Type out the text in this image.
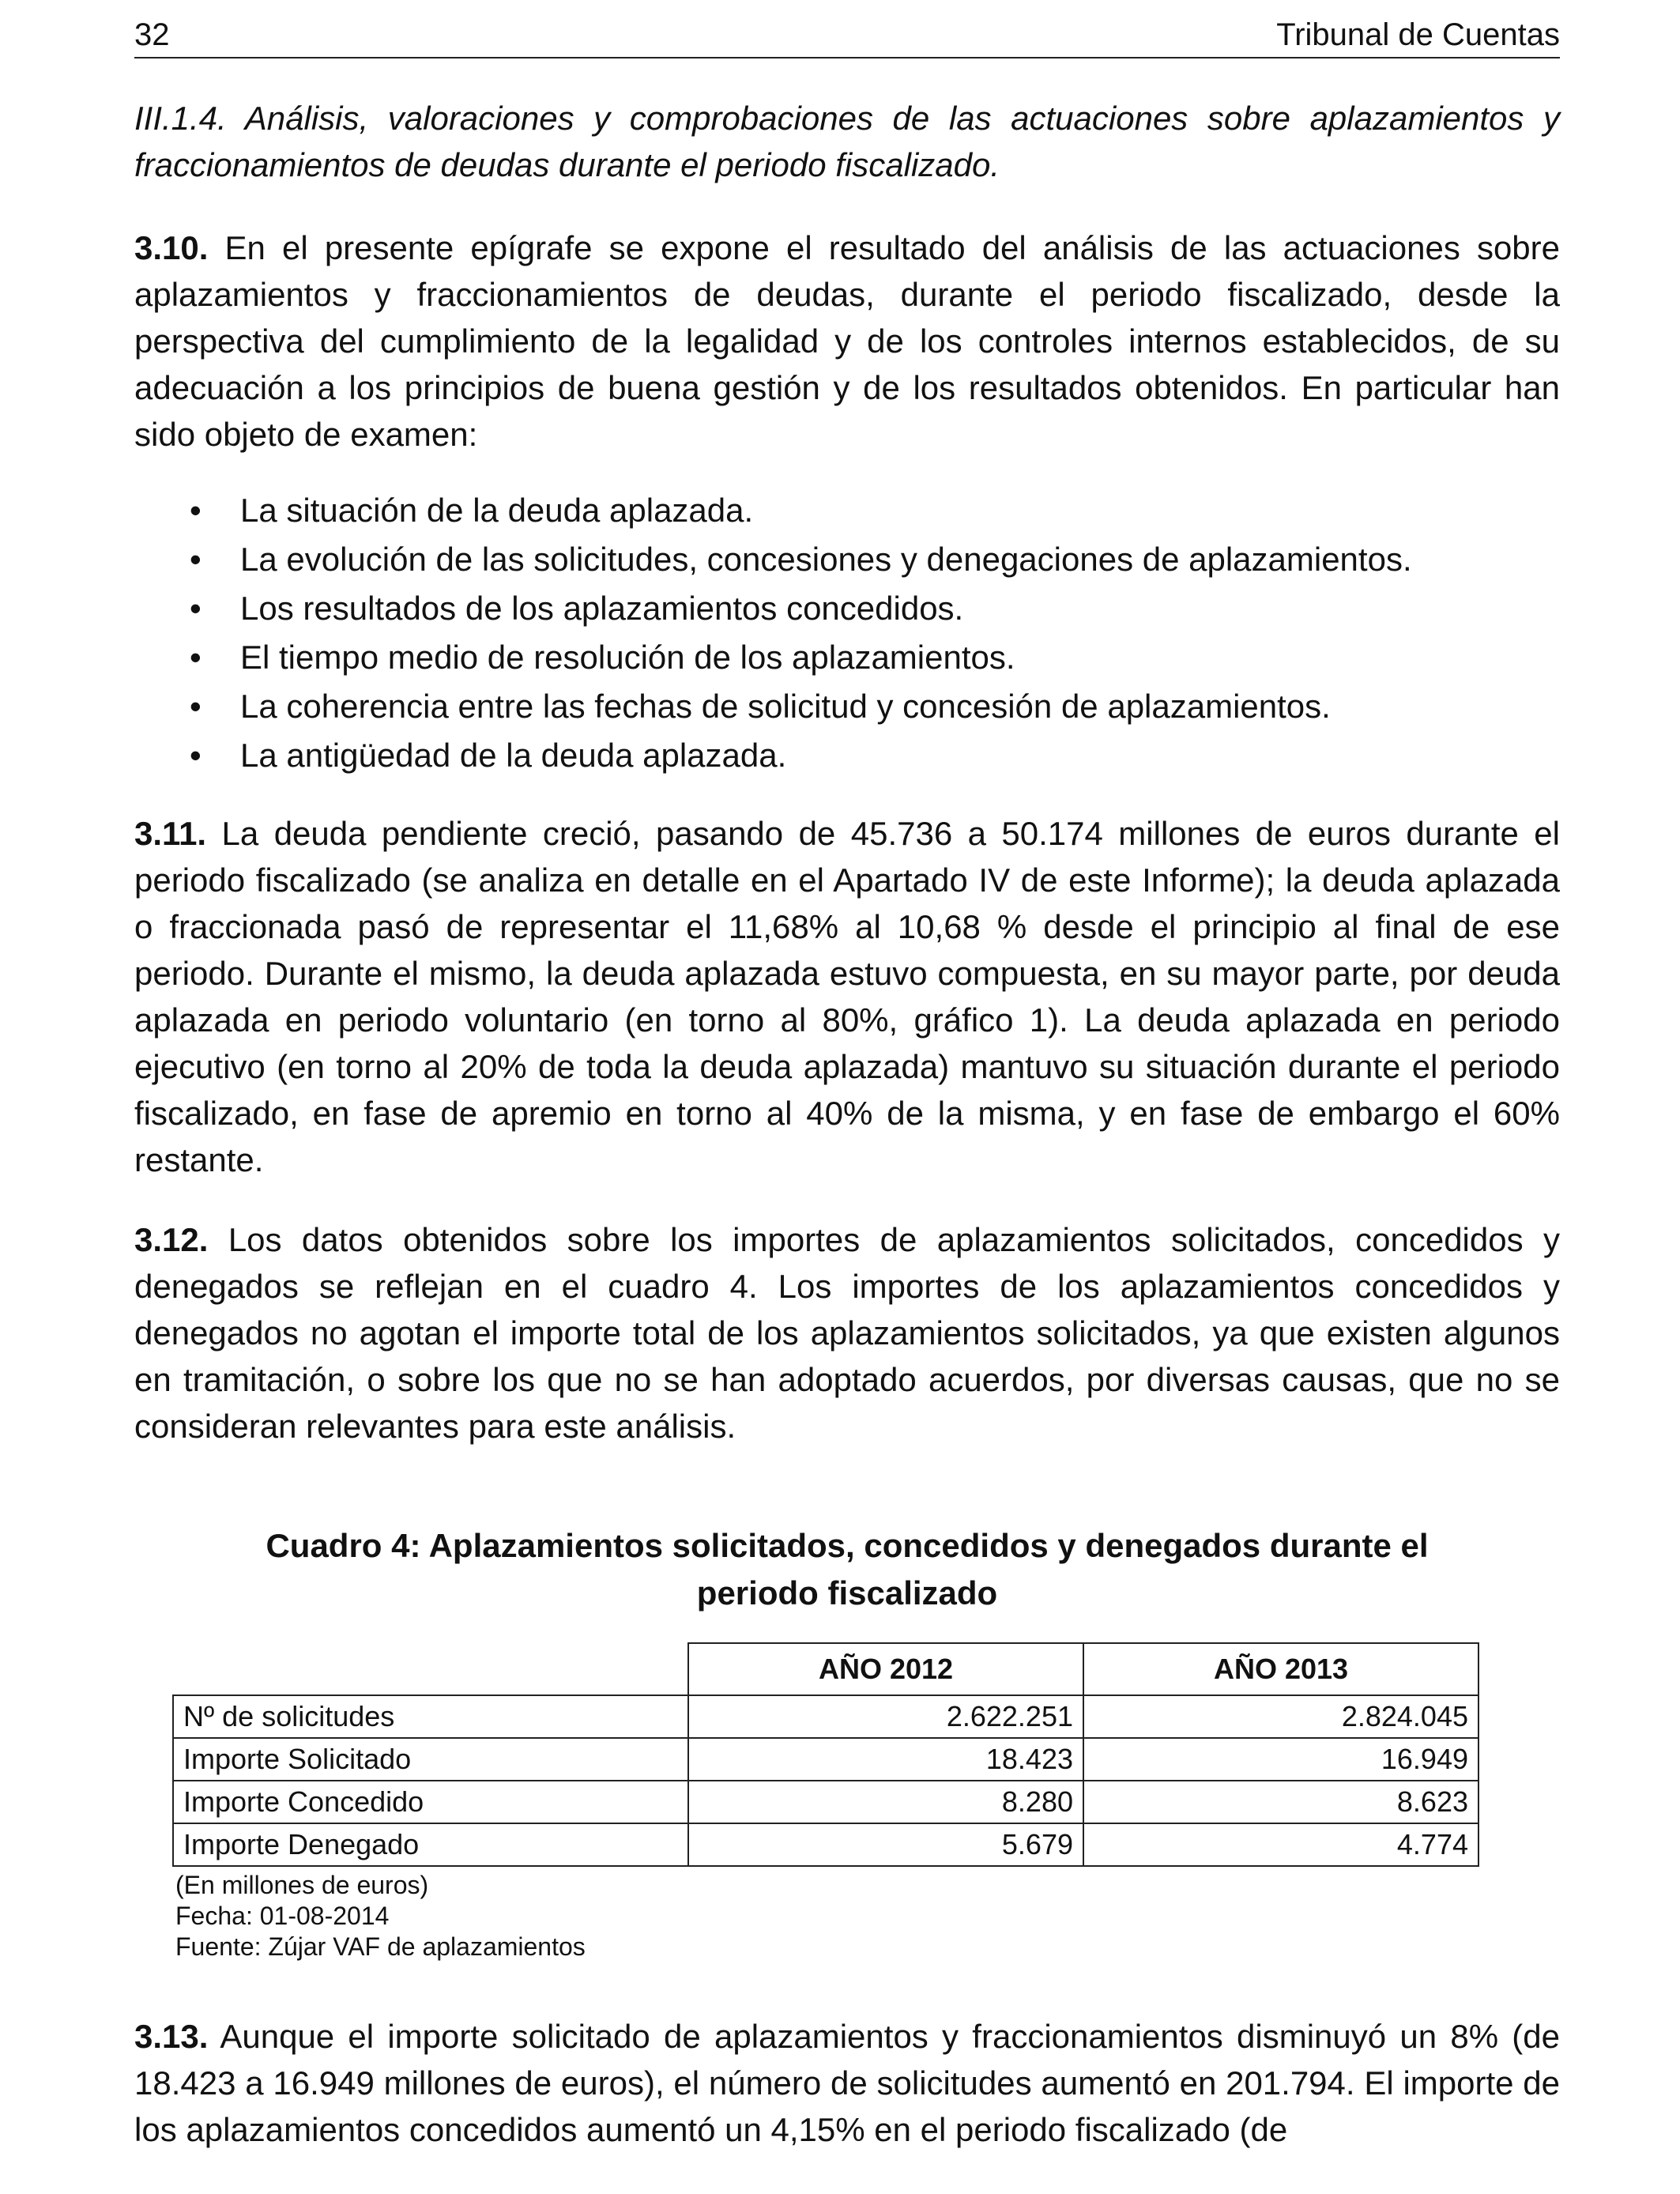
32	Tribunal de Cuentas

III.1.4. Análisis, valoraciones y comprobaciones de las actuaciones sobre aplazamientos y fraccionamientos de deudas durante el periodo fiscalizado.

3.10. En el presente epígrafe se expone el resultado del análisis de las actuaciones sobre aplazamientos y fraccionamientos de deudas, durante el periodo fiscalizado, desde la perspectiva del cumplimiento de la legalidad y de los controles internos establecidos, de su adecuación a los principios de buena gestión y de los resultados obtenidos. En particular han sido objeto de examen:

• La situación de la deuda aplazada.
• La evolución de las solicitudes, concesiones y denegaciones de aplazamientos.
• Los resultados de los aplazamientos concedidos.
• El tiempo medio de resolución de los aplazamientos.
• La coherencia entre las fechas de solicitud y concesión de aplazamientos.
• La antigüedad de la deuda aplazada.

3.11. La deuda pendiente creció, pasando de 45.736 a 50.174 millones de euros durante el periodo fiscalizado (se analiza en detalle en el Apartado IV de este Informe); la deuda aplazada o fraccionada pasó de representar el 11,68% al 10,68 % desde el principio al final de ese periodo. Durante el mismo, la deuda aplazada estuvo compuesta, en su mayor parte, por deuda aplazada en periodo voluntario (en torno al 80%, gráfico 1). La deuda aplazada en periodo ejecutivo (en torno al 20% de toda la deuda aplazada) mantuvo su situación durante el periodo fiscalizado, en fase de apremio en torno al 40% de la misma, y en fase de embargo el 60% restante.

3.12. Los datos obtenidos sobre los importes de aplazamientos solicitados, concedidos y denegados se reflejan en el cuadro 4. Los importes de los aplazamientos concedidos y denegados no agotan el importe total de los aplazamientos solicitados, ya que existen algunos en tramitación, o sobre los que no se han adoptado acuerdos, por diversas causas, que no se consideran relevantes para este análisis.

Cuadro 4: Aplazamientos solicitados, concedidos y denegados durante el periodo fiscalizado

	AÑO 2012	AÑO 2013
Nº de solicitudes	2.622.251	2.824.045
Importe Solicitado	18.423	16.949
Importe Concedido	8.280	8.623
Importe Denegado	5.679	4.774
(En millones de euros)
Fecha: 01-08-2014
Fuente: Zújar VAF de aplazamientos

3.13. Aunque el importe solicitado de aplazamientos y fraccionamientos disminuyó un 8% (de 18.423 a 16.949 millones de euros), el número de solicitudes aumentó en 201.794. El importe de los aplazamientos concedidos aumentó un 4,15% en el periodo fiscalizado (de
